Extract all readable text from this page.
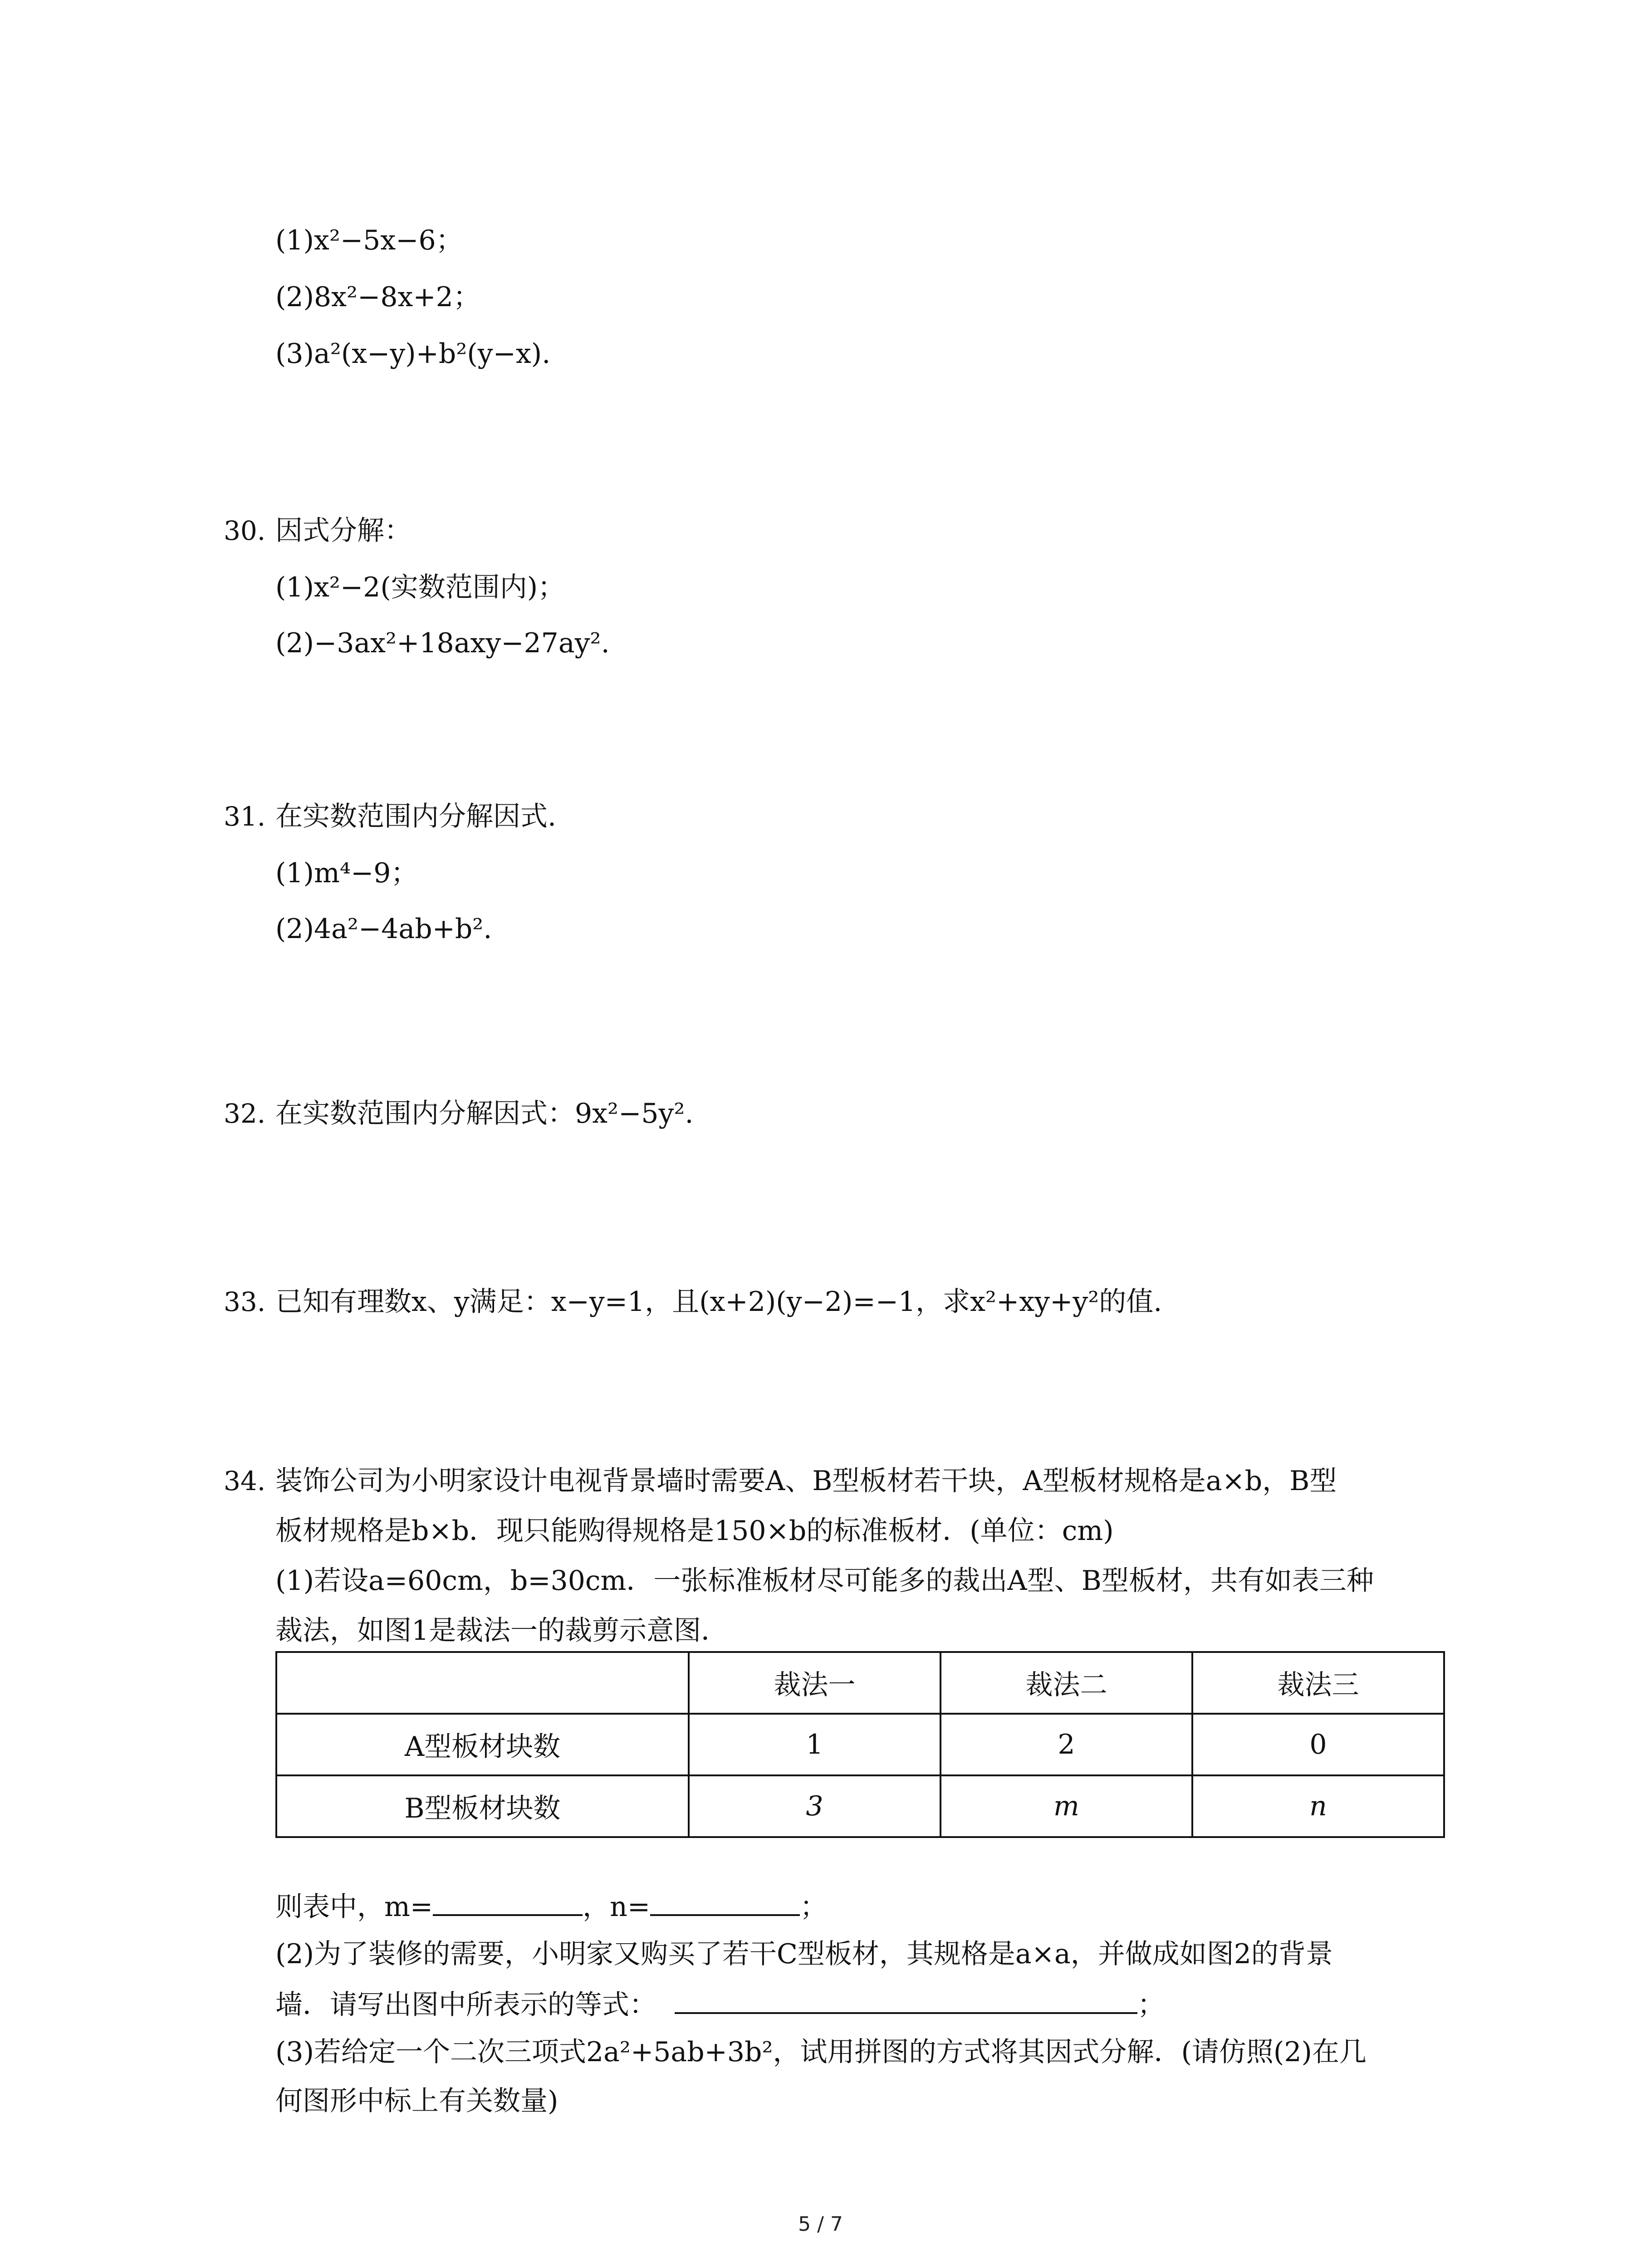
(1)x²−5x−6；
(2)8x²−8x+2；
(3)a²(x−y)+b²(y−x).
30. 因式分解：
(1)x²−2(实数范围内)；
(2)−3ax²+18axy−27ay².
31. 在实数范围内分解因式.
(1)m⁴−9；
(2)4a²−4ab+b².
32. 在实数范围内分解因式：9x²−5y².
33. 已知有理数x、y满足：x−y=1，且(x+2)(y−2)=−1，求x²+xy+y²的值.
34. 装饰公司为小明家设计电视背景墙时需要A、B型板材若干块，A型板材规格是a×b，B型
板材规格是b×b．现只能购得规格是150×b的标准板材．(单位：cm)
(1)若设a=60cm，b=30cm．一张标准板材尽可能多的裁出A型、B型板材，共有如表三种
裁法，如图1是裁法一的裁剪示意图．
	裁法一	裁法二	裁法三
A型板材块数	1	2	0
B型板材块数	3	m	n
则表中，m=	，n=	；
(2)为了装修的需要，小明家又购买了若干C型板材，其规格是a×a，并做成如图2的背景
墙．请写出图中所表示的等式：	；
(3)若给定一个二次三项式2a²+5ab+3b²，试用拼图的方式将其因式分解．(请仿照(2)在几
何图形中标上有关数量)
5 / 7
